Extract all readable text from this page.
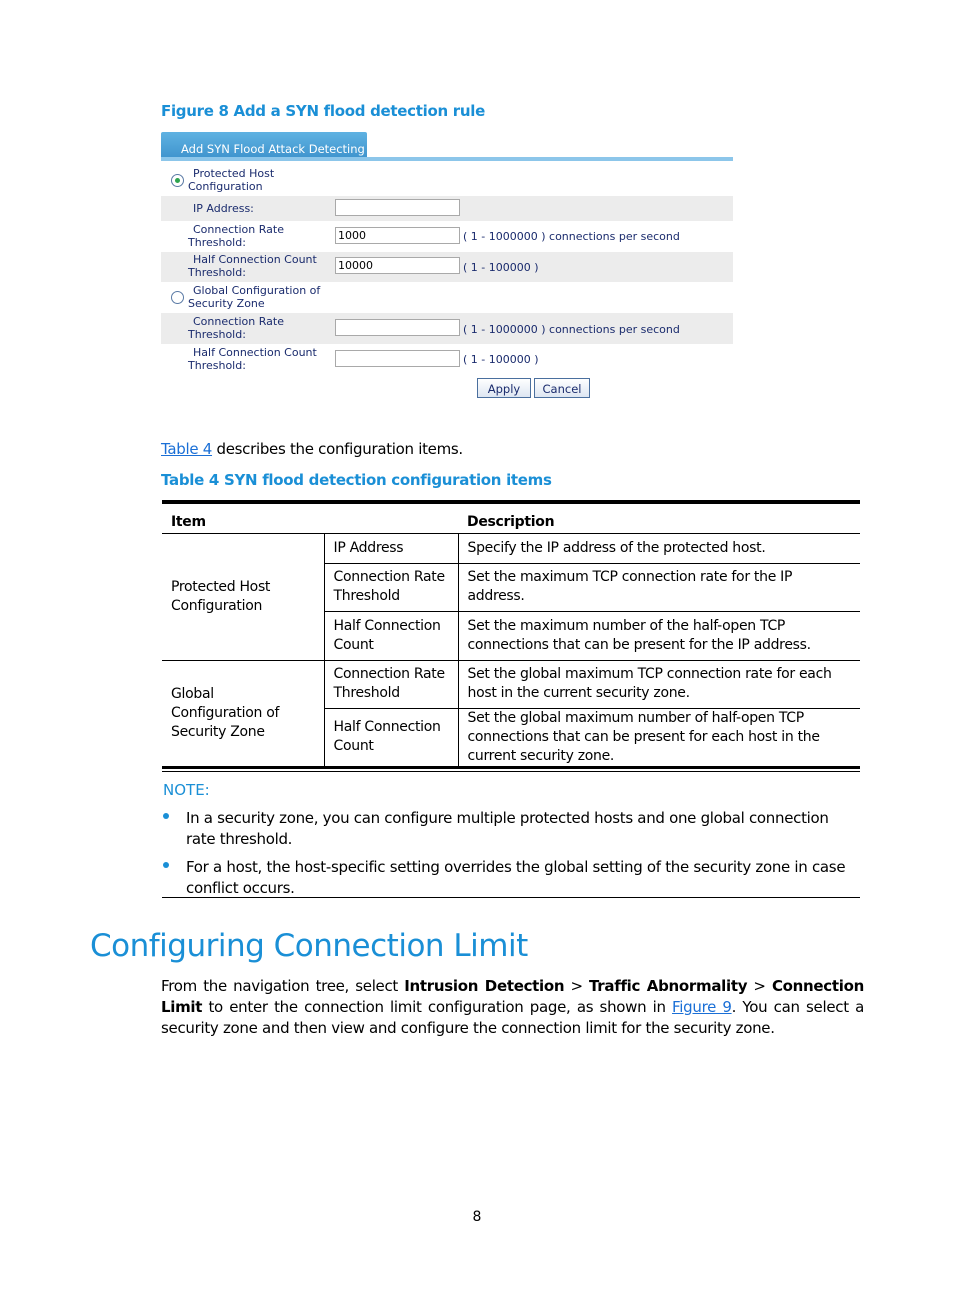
Figure 8 Add a SYN flood detection rule
Add SYN Flood Attack Detecting
Protected Host
Configuration
IP Address:
Connection Rate
Threshold:
1000	( 1 - 1000000 ) connections per second
Half Connection Count
Threshold:
10000	( 1 - 100000 )
Global Configuration of
Security Zone
Connection Rate
Threshold:	( 1 - 1000000 ) connections per second
Half Connection Count
Threshold:	( 1 - 100000 )
Apply	Cancel
Table 4 describes the configuration items.
Table 4 SYN flood detection configuration items
Item		Description
Protected Host Configuration	IP Address	Specify the IP address of the protected host.
	Connection Rate Threshold	Set the maximum TCP connection rate for the IP address.
	Half Connection Count	Set the maximum number of the half-open TCP connections that can be present for the IP address.
Global Configuration of Security Zone	Connection Rate Threshold	Set the global maximum TCP connection rate for each host in the current security zone.
	Half Connection Count	Set the global maximum number of half-open TCP connections that can be present for each host in the current security zone.
NOTE:
In a security zone, you can configure multiple protected hosts and one global connection rate threshold.
For a host, the host-specific setting overrides the global setting of the security zone in case conflict occurs.
Configuring Connection Limit
From the navigation tree, select Intrusion Detection > Traffic Abnormality > Connection Limit to enter the connection limit configuration page, as shown in Figure 9. You can select a security zone and then view and configure the connection limit for the security zone.
8
